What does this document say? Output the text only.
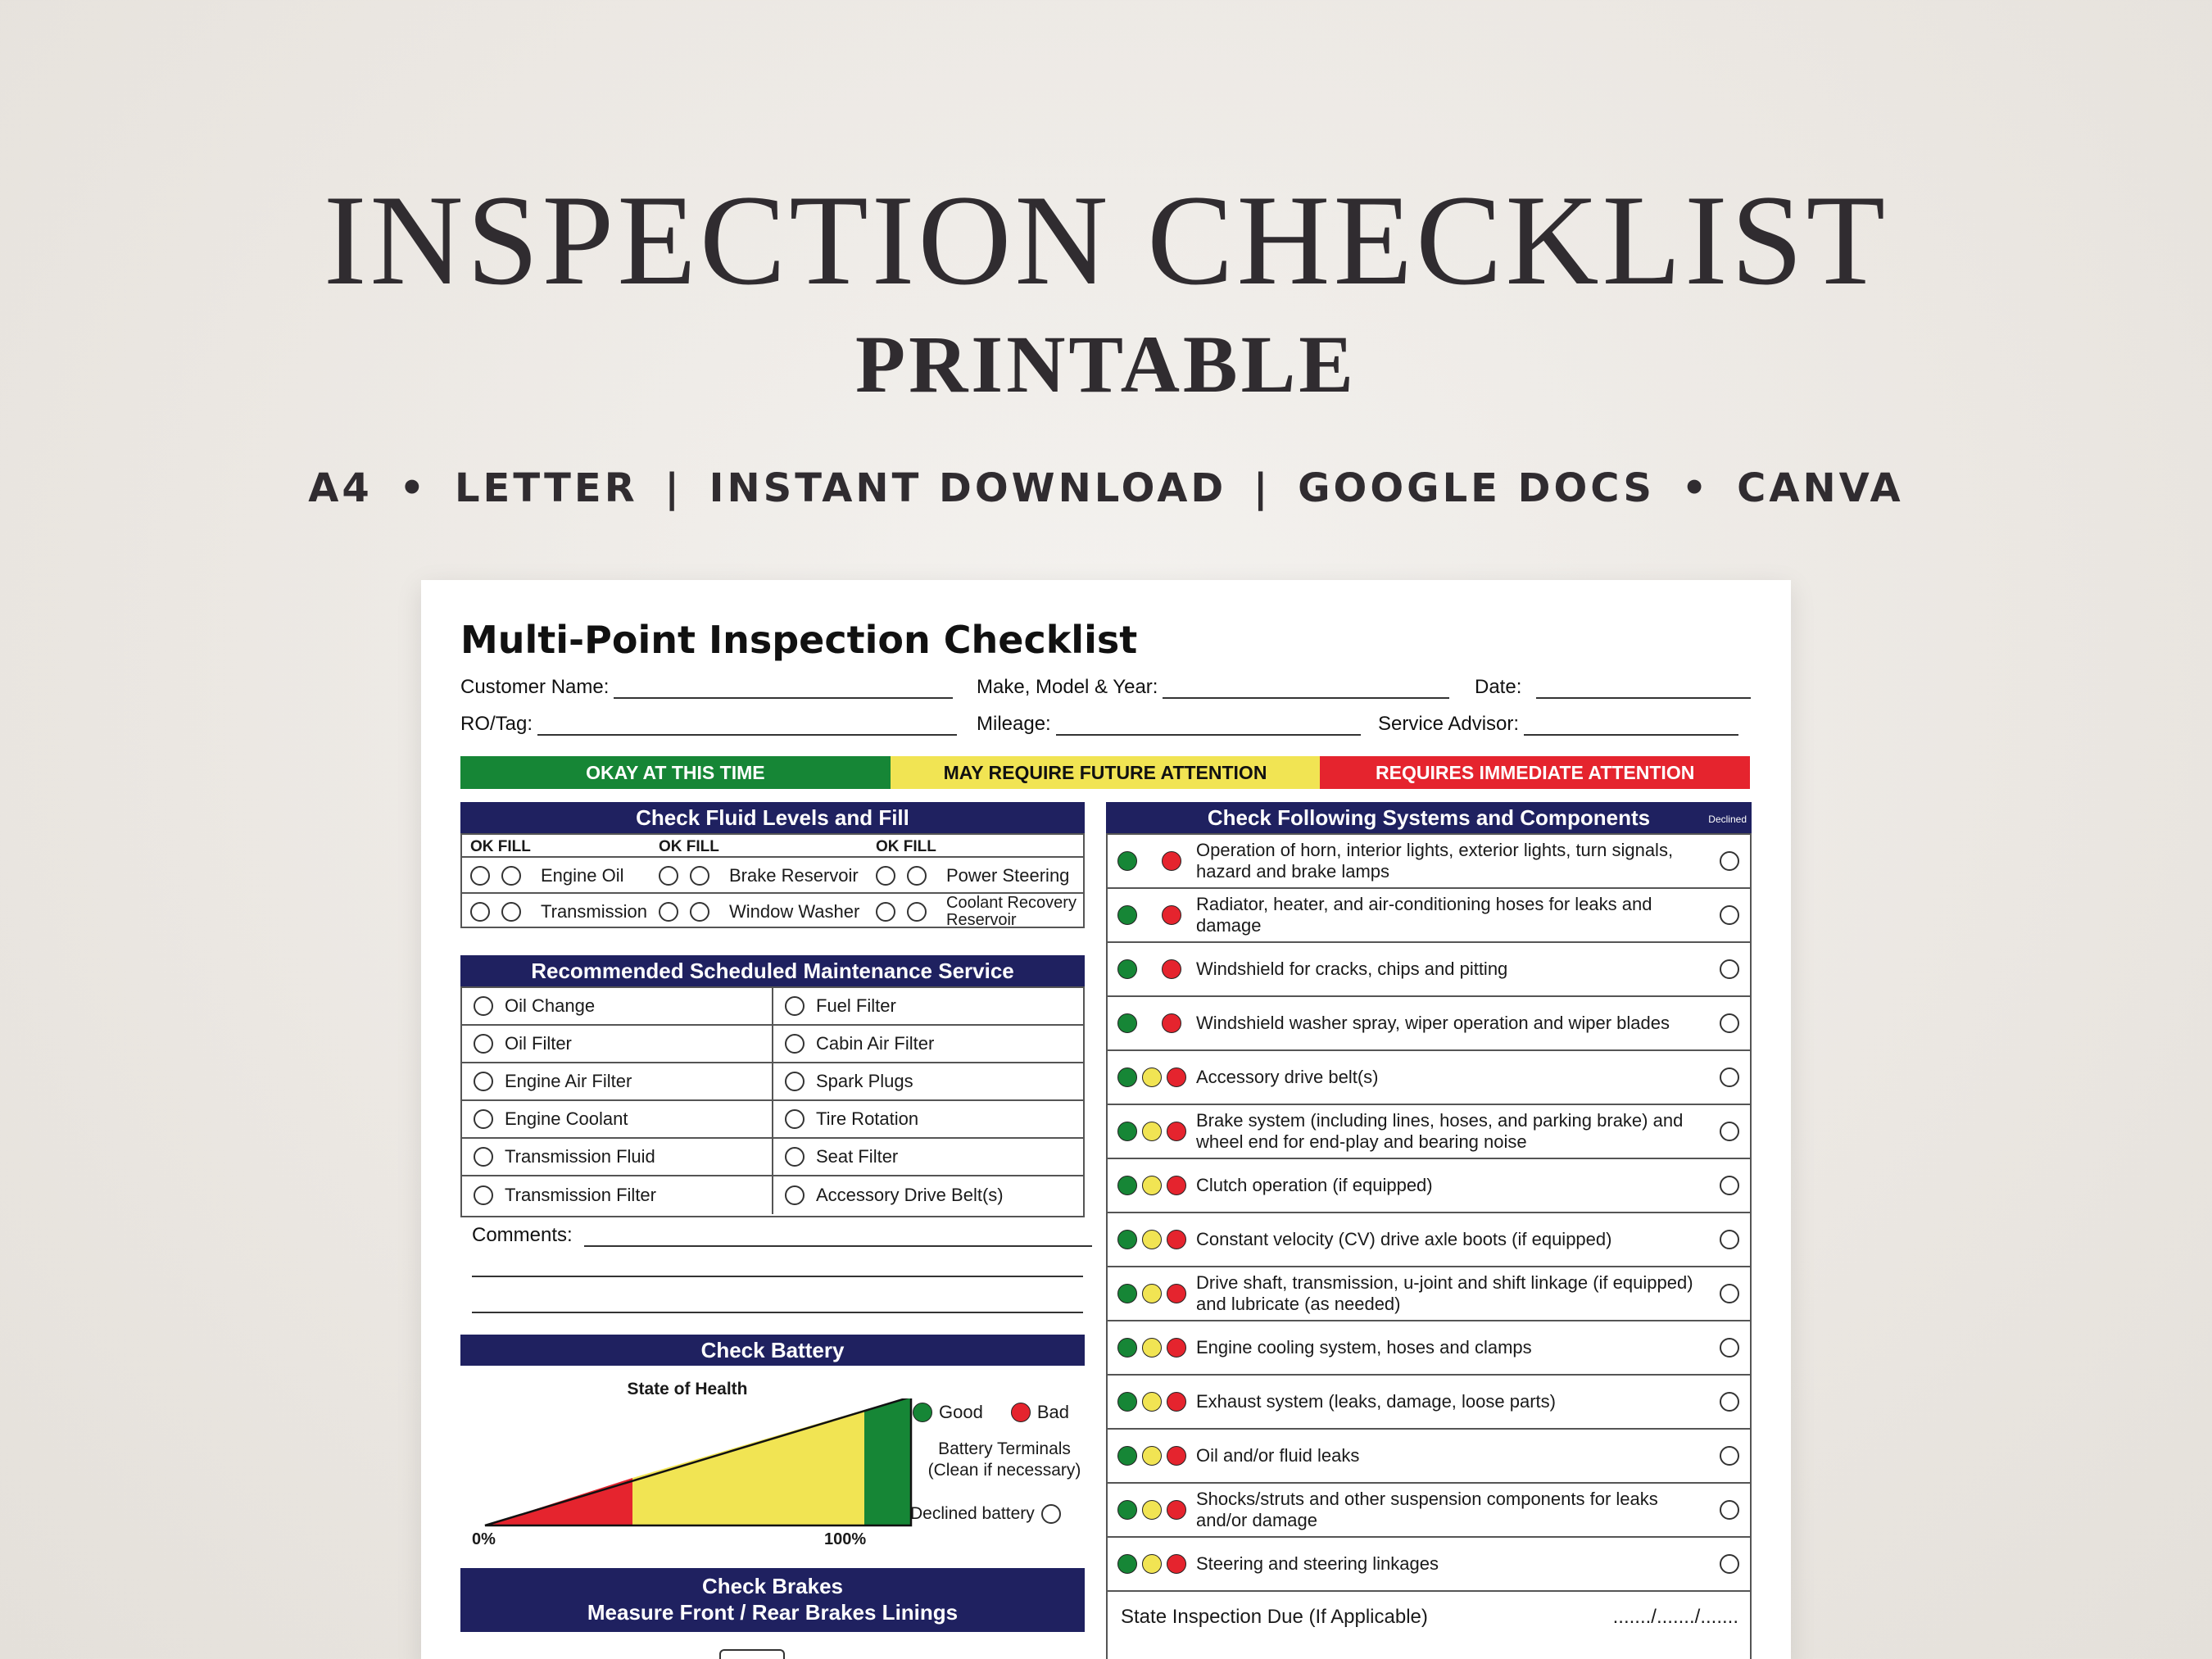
INSPECTION CHECKLIST
PRINTABLE
A4 • LETTER | INSTANT DOWNLOAD | GOOGLE DOCS • CANVA
Multi-Point Inspection Checklist
Customer Name:	Make, Model & Year:	Date:
RO/Tag:	Mileage:	Service Advisor:
OKAY AT THIS TIME	MAY REQUIRE FUTURE ATTENTION	REQUIRES IMMEDIATE ATTENTION
Check Fluid Levels and Fill
OK FILL	OK FILL	OK FILL
Engine Oil	Brake Reservoir	Power Steering
Transmission	Window Washer	Coolant Recovery Reservoir
Recommended Scheduled Maintenance Service
Oil Change	Fuel Filter
Oil Filter	Cabin Air Filter
Engine Air Filter	Spark Plugs
Engine Coolant	Tire Rotation
Transmission Fluid	Seat Filter
Transmission Filter	Accessory Drive Belt(s)
Comments:
Check Battery
State of Health
0%	100%
Good	Bad
Battery Terminals
(Clean if necessary)
Declined battery
Check Brakes
Measure Front / Rear Brakes Linings
Check Following Systems and Components	Declined
State Inspection Due (If Applicable)	......./......./.......
Operation of horn, interior lights, exterior lights, turn signals, hazard and brake lamps
Radiator, heater, and air-conditioning hoses for leaks and damage
Windshield for cracks, chips and pitting
Windshield washer spray, wiper operation and wiper blades
Accessory drive belt(s)
Brake system (including lines, hoses, and parking brake) and wheel end for end-play and bearing noise
Clutch operation (if equipped)
Constant velocity (CV) drive axle boots (if equipped)
Drive shaft, transmission, u-joint and shift linkage (if equipped) and lubricate (as needed)
Engine cooling system, hoses and clamps
Exhaust system (leaks, damage, loose parts)
Oil and/or fluid leaks
Shocks/struts and other suspension components for leaks and/or damage
Steering and steering linkages
